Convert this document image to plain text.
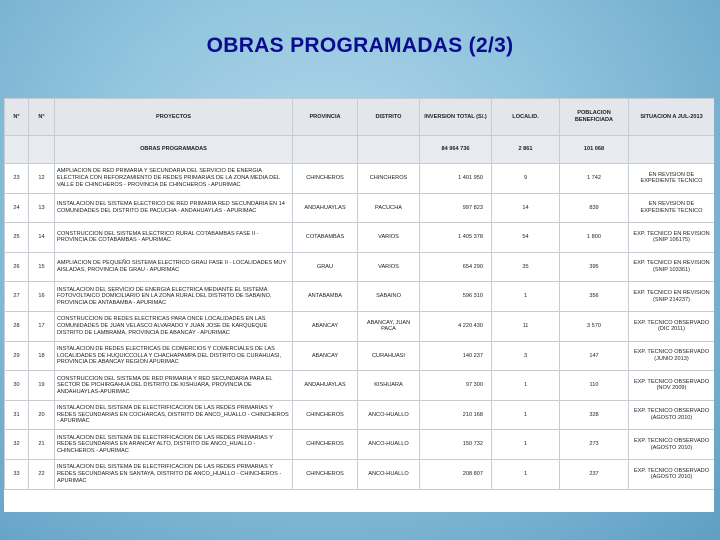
OBRAS PROGRAMADAS (2/3)
N°	N°	PROYECTOS	PROVINCIA	DISTRITO	INVERSION TOTAL (S/.)	LOCALID.	POBLACION BENEFICIADA	SITUACION A JUL-2013
		OBRAS PROGRAMADAS			84 964 736	2 861	101 068	
23	12	AMPLIACION DE RED PRIMARIA Y SECUNDARIA DEL SERVICIO DE ENERGIA ELECTRICA CON REFORZAMIENTO DE REDES PRIMARIAS DE LA ZONA MEDIA DEL VALLE DE CHINCHEROS - PROVINCIA DE CHINCHEROS - APURIMAC	CHINCHEROS	CHINCHEROS	1 401 950	9	1 742	EN REVISION DE EXPEDIENTE TECNICO
24	13	INSTALACION DEL SISTEMA ELECTRICO DE RED PRIMARIA RED SECUNDARIA EN 14 COMUNIDADES DEL DISTRITO DE PACUCHA - ANDAHUAYLAS - APURIMAC	ANDAHUAYLAS	PACUCHA	997 823	14	839	EN REVISION DE EXPEDIENTE TECNICO
25	14	CONSTRUCCION DEL SISTEMA ELECTRICO RURAL COTABAMBAS FASE II - PROVINCIA DE COTABAMBAS - APURIMAC	COTABAMBAS	VARIOS	1 405 378	54	1 800	EXP. TECNICO EN REVISION (SNIP 106175)
26	15	AMPLIACION DE PEQUEÑO SISTEMA ELECTRICO GRAU FASE II - LOCALIDADES MUY AISLADAS, PROVINCIA DE GRAU - APURIMAC	GRAU	VARIOS	654 290	35	395	EXP. TECNICO EN REVISION (SNIP 103361)
27	16	INSTALACION DEL SERVICIO DE ENERGIA ELECTRICA MEDIANTE EL SISTEMA FOTOVOLTAICO DOMICILIARIO EN LA ZONA RURAL DEL DISTRITO DE SABAINO, PROVINCIA DE ANTABAMBA - APURIMAC	ANTABAMBA	SABAINO	596 310	1	356	EXP. TECNICO EN REVISION (SNIP 214237)
28	17	CONSTRUCCION DE REDES ELECTRICAS PARA ONCE LOCALIDADES EN LAS COMUNIDADES DE JUAN VELASCO ALVARADO Y JUAN JOSE DE KARQUEQUE DISTRITO DE LAMBRAMA, PROVINCIA DE ABANCAY - APURIMAC	ABANCAY	ABANCAY, JUAN PACA	4 220 430	11	3 570	EXP. TECNICO OBSERVADO (DIC 2011)
29	18	INSTALACION DE REDES ELECTRICAS DE COMERCIOS Y COMERCIALES DE LAS LOCALIDADES DE HUQUICCOLLA Y CHACHAPAMPA DEL DISTRITO DE CURAHUASI, PROVINCIA DE ABANCAY REGION APURIMAC	ABANCAY	CURAHUASI	140 237	3	147	EXP. TECNICO OBSERVADO (JUNIO 2013)
30	19	CONSTRUCCION DEL SISTEMA DE RED PRIMARIA Y RED SECUNDARIA PARA EL SECTOR DE PICHIRGAHUA DEL DISTRITO DE KISHUARA, PROVINCIA DE ANDAHUAYLAS-APURIMAC	ANDAHUAYLAS	KISHUARA	97 300	1	110	EXP. TECNICO OBSERVADO (NOV 2009)
31	20	INSTALACION DEL SISTEMA DE ELECTRIFICACION DE LAS REDES PRIMARIAS Y REDES SECUNDARIAS EN COCHARCAS, DISTRITO DE ANCO_HUALLO - CHINCHEROS - APURIMAC	CHINCHEROS	ANCO-HUALLO	210 168	1	328	EXP. TECNICO OBSERVADO (AGOSTO 2010)
32	21	INSTALACION DEL SISTEMA DE ELECTRIFICACION DE LAS REDES PRIMARIAS Y REDES SECUNDARIAS EN ARANCAY ALTO, DISTRITO DE ANCO_HUALLO - CHINCHEROS - APURIMAC	CHINCHEROS	ANCO-HUALLO	150 732	1	273	EXP. TECNICO OBSERVADO (AGOSTO 2010)
33	22	INSTALACION DEL SISTEMA DE ELECTRIFICACION DE LAS REDES PRIMARIAS Y REDES SECUNDARIAS EN SANTAYA, DISTRITO DE ANCO_HUALLO - CHINCHEROS - APURIMAC	CHINCHEROS	ANCO-HUALLO	208 807	1	237	EXP. TECNICO OBSERVADO (AGOSTO 2010)
